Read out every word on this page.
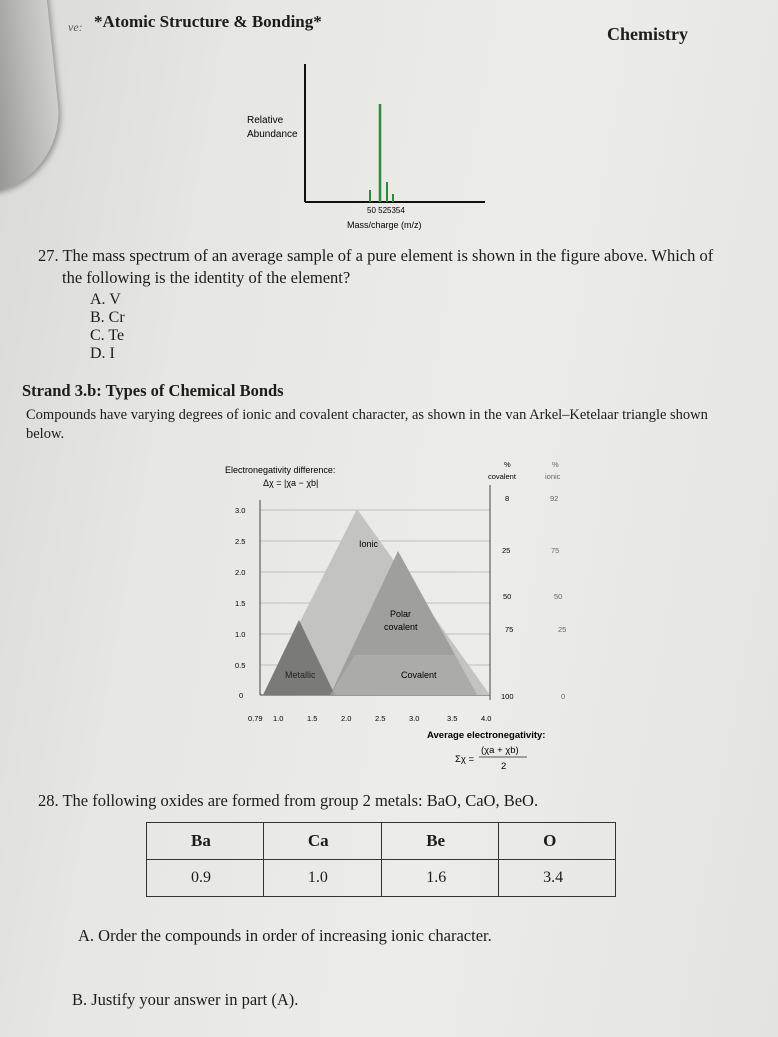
ve: *Atomic Structure & Bonding*
Chemistry
Relative
Abundance
50 525354
Mass/charge (m/z)
27. The mass spectrum of an average sample of a pure element is shown in the figure above. Which of
the following is the identity of the element?
A. V
B. Cr
C. Te
D. I
Strand 3.b: Types of Chemical Bonds
Compounds have varying degrees of ionic and covalent character, as shown in the van Arkel–Ketelaar triangle shown below.
Electronegativity difference:
Δχ = |χa − χb|
Ionic
Polar
covalent
Metallic	Covalent
3.0
2.5
2.0
1.5
1.0
0.5
0
0.79 1.0	1.5	2.0	2.5	3.0	3.5	4.0
%
covalent
%
ionic
8
25
50
75
100
92
75
50
25
0
Average electronegativity:
Σχ =
(χa + χb)
2
28. The following oxides are formed from group 2 metals: BaO, CaO, BeO.
Ba	Ca	Be	O
0.9	1.0	1.6	3.4
A. Order the compounds in order of increasing ionic character.
B. Justify your answer in part (A).
